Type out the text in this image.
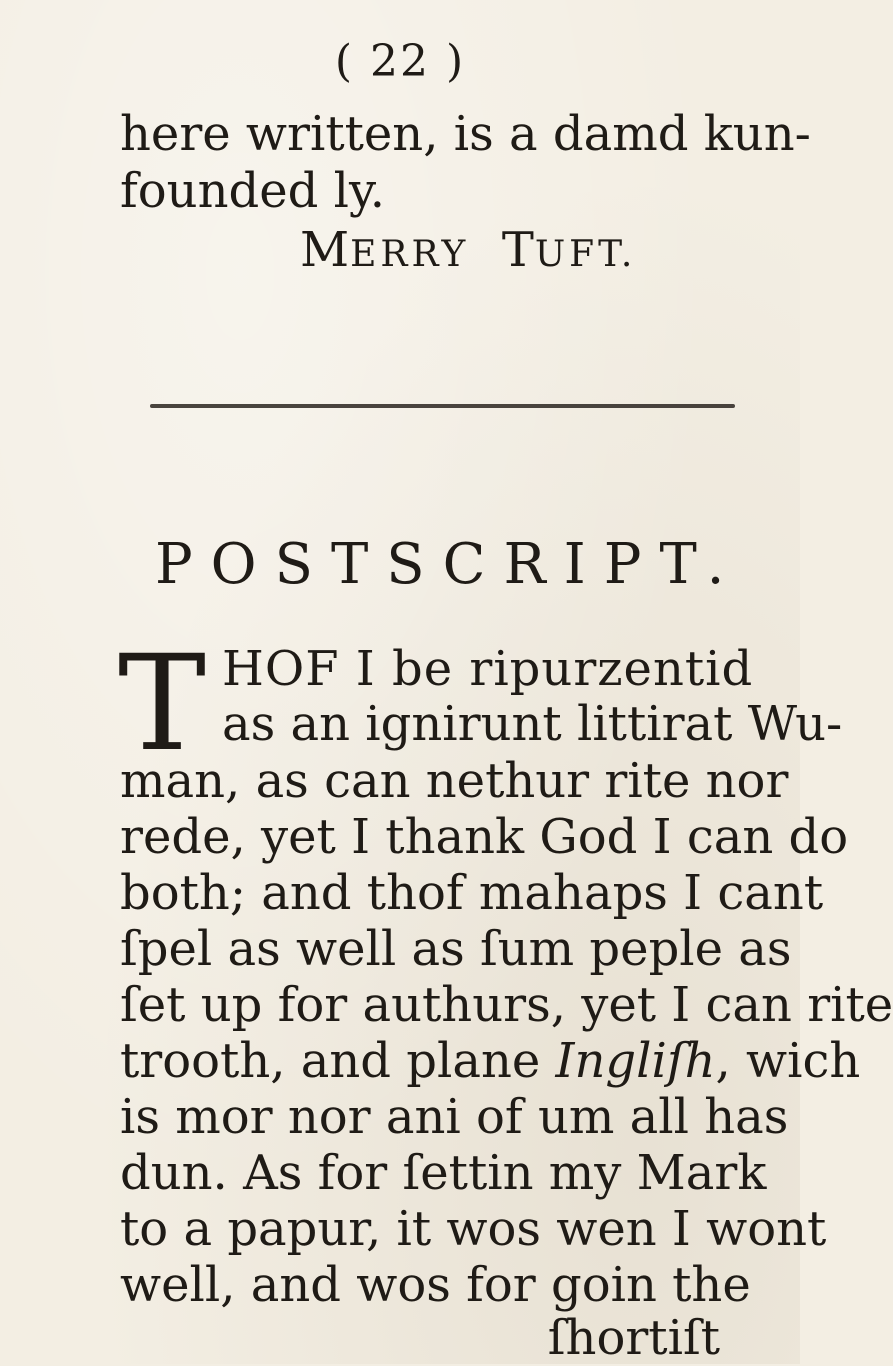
( 22 )
here written, is a damd kun-
founded ly.
MERRY TUFT.
POSTSCRIPT.
T HOF I be ripurzentid
as an ignirunt littirat Wu-
man, as can nethur rite nor
rede, yet I thank God I can do
both; and thof mahaps I cant
ſpel as well as ſum peple as
ſet up for authurs, yet I can rite
trooth, and plane Ingliſh, wich
is mor nor ani of um all has
dun. As for ſettin my Mark
to a papur, it wos wen I wont
well, and wos for goin the
ſhortiſt
